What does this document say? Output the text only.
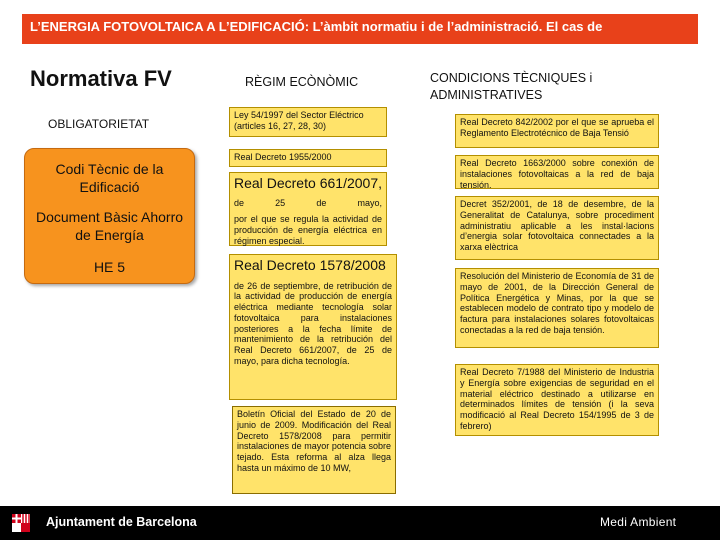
L’ENERGIA FOTOVOLTAICA A L’EDIFICACIÓ: L’àmbit normatiu i de l’administració. El cas de
Normativa FV
OBLIGATORIETAT
Codi Tècnic de la Edificació
Document Bàsic Ahorro de Energía
HE 5
RÈGIM ECÒNÒMIC
Ley 54/1997 del Sector Eléctrico (articles 16, 27, 28, 30)
Real Decreto 1955/2000
Real Decreto 661/2007, de 25 de mayo,
por el que se regula la actividad de producción de energía eléctrica en régimen especial.
Real Decreto 1578/2008
de 26 de septiembre, de retribución de la actividad de producción de energía eléctrica mediante tecnología solar fotovoltaica para instalaciones posteriores a la fecha límite de mantenimiento de la retribución del Real Decreto 661/2007, de 25 de mayo, para dicha tecnología.
Boletín Oficial del Estado de 20 de junio de 2009. Modificación del Real Decreto 1578/2008 para permitir instalaciones de mayor potencia sobre tejado. Esta reforma al alza llega hasta un máximo de 10 MW,
CONDICIONS TÈCNIQUES i ADMINISTRATIVES
Real Decreto 842/2002 por el que se aprueba el Reglamento Electrotécnico de Baja Tensió
Real Decreto 1663/2000 sobre conexión de instalaciones fotovoltaicas a la red de baja tensión.
Decret 352/2001, de 18 de desembre, de la Generalitat de Catalunya, sobre procediment administratiu aplicable a les instal·lacions d’energia solar fotovoltaica connectades a la xarxa elèctrica
Resolución del Ministerio de Economía de 31 de mayo de 2001, de la Dirección General de Política Energética y Minas, por la que se establecen modelo de contrato tipo y modelo de factura para instalaciones solares fotovoltaicas conectadas a la red de baja tensión.
Real Decreto 7/1988 del Ministerio de Industria y Energía sobre exigencias de seguridad en el material eléctrico destinado a utilizarse en determinados límites de tensión (i la seva modificació al Real Decreto 154/1995 de 3 de febrero)
Ajuntament de Barcelona	Medi Ambient
